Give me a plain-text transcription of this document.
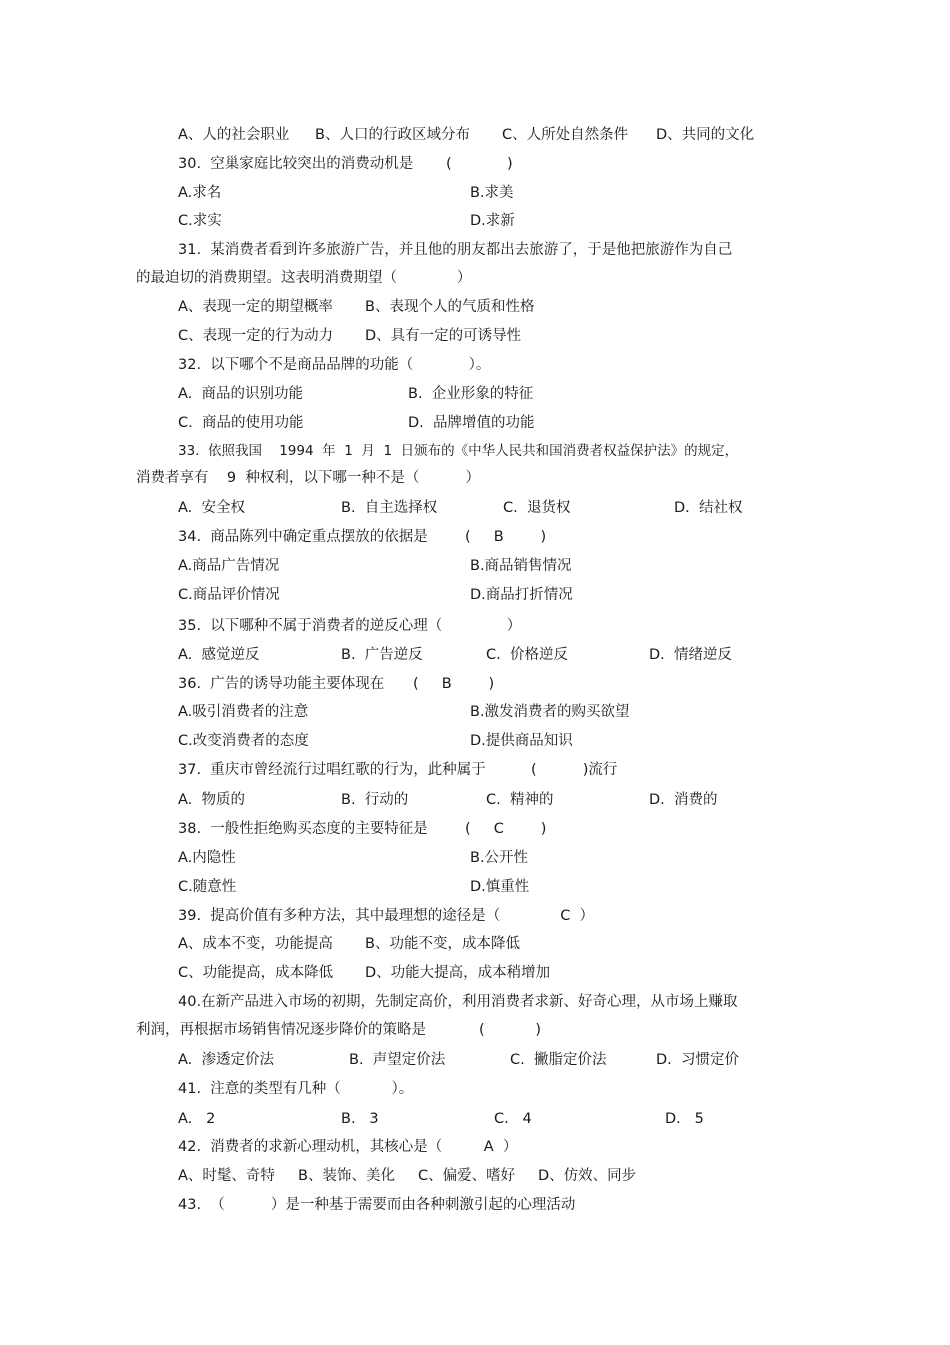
A、人的社会职业 B、人口的行政区域分布 C、人所处自然条件 D、共同的文化
30.  空巢家庭比较突出的消费动机是 (            )
A.求名	B.求美
C.求实	D.求新
31.  某消费者看到许多旅游广告，并且他的朋友都出去旅游了，于是他把旅游作为自己
的最迫切的消费期望。这表明消费期望（             ）
A、表现一定的期望概率 B、表现个人的气质和性格
C、表现一定的行为动力 D、具有一定的可诱导性
32.  以下哪个不是商品品牌的功能（            ）。
A.  商品的识别功能	B.  企业形象的特征
C.  商品的使用功能	D.  品牌增值的功能
33.  依照我国    1994  年  1  月  1  日颁布的《中华人民共和国消费者权益保护法》的规定，
消费者享有    9  种权利，以下哪一种不是（          ）
A.  安全权	B.  自主选择权	C.  退货权	D.  结社权
34.  商品陈列中确定重点摆放的依据是	(     B        )
A.商品广告情况	B.商品销售情况
C.商品评价情况	D.商品打折情况
35.  以下哪种不属于消费者的逆反心理（              ）
A.  感觉逆反	B.  广告逆反	C.  价格逆反	D.  情绪逆反
36.  广告的诱导功能主要体现在 (     B        )
A.吸引消费者的注意	B.激发消费者的购买欲望
C.改变消费者的态度	D.提供商品知识
37.  重庆市曾经流行过唱红歌的行为，此种属于	(          )流行
A.  物质的	B.  行动的	C.  精神的	D.  消费的
38.  一般性拒绝购买态度的主要特征是	(     C        )
A.内隐性	B.公开性
C.随意性	D.慎重性
39.  提高价值有多种方法，其中最理想的途径是（             C  ）
A、成本不变，功能提高 B、功能不变，成本降低
C、功能提高，成本降低 D、功能大提高，成本稍增加
40.在新产品进入市场的初期，先制定高价，利用消费者求新、好奇心理，从市场上赚取
利润，再根据市场销售情况逐步降价的策略是	(           )
A.  渗透定价法	B.  声望定价法	C.  撇脂定价法	D.  习惯定价
41.  注意的类型有几种（           ）。
A.   2	B.   3	C.   4	D.   5
42.  消费者的求新心理动机，其核心是（         A  ）
A、时髦、奇特 B、装饰、美化 C、偏爱、嗜好 D、仿效、同步
43.  （          ）是一种基于需要而由各种刺激引起的心理活动
